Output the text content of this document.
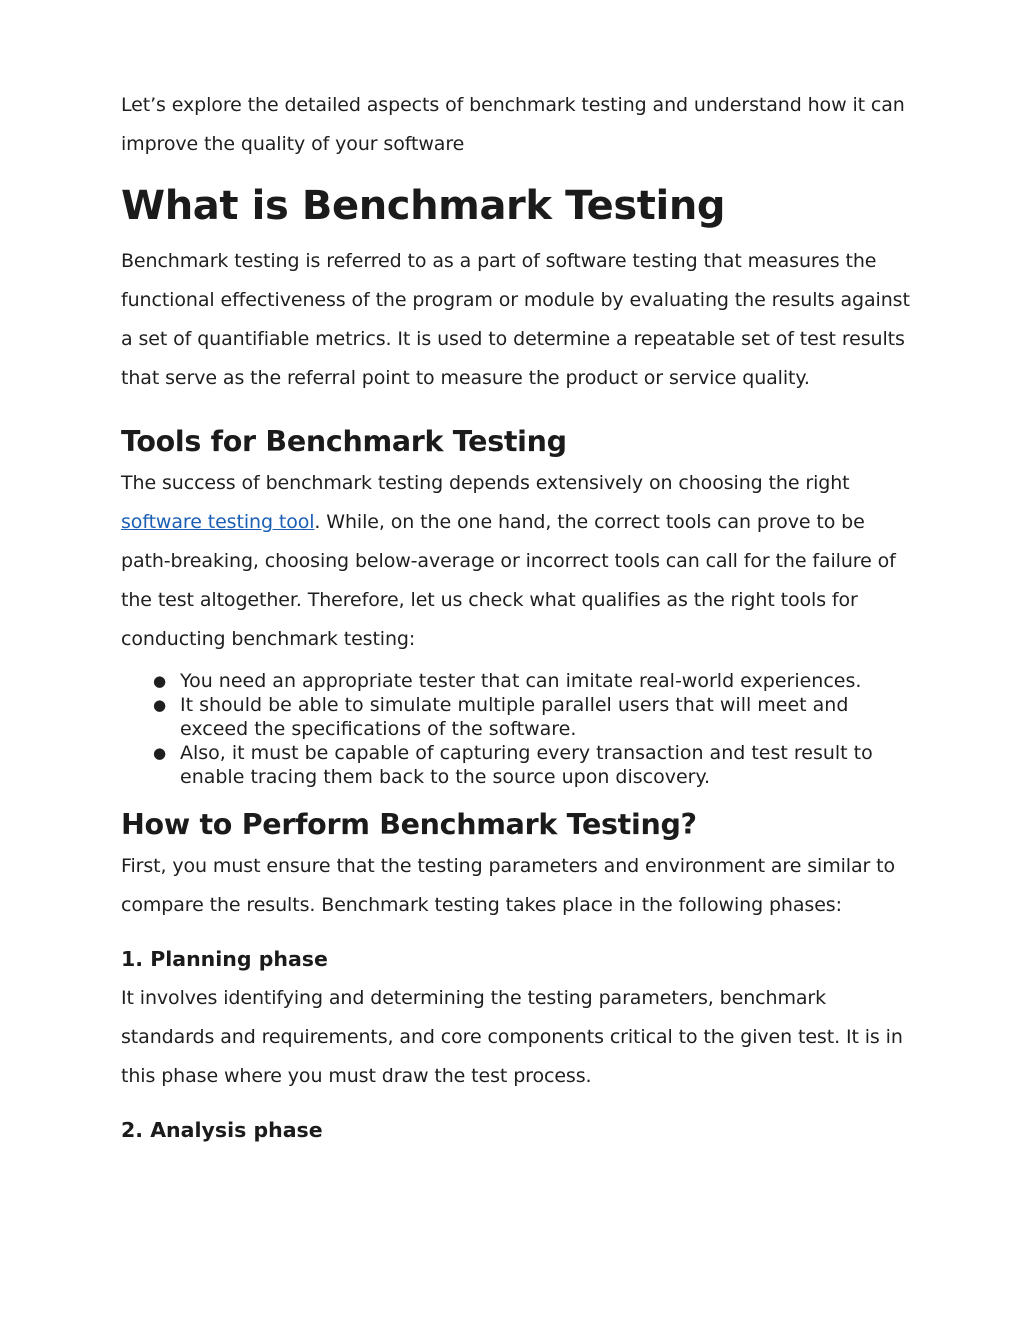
Let’s explore the detailed aspects of benchmark testing and understand how it can improve the quality of your software

What is Benchmark Testing

Benchmark testing is referred to as a part of software testing that measures the functional effectiveness of the program or module by evaluating the results against a set of quantifiable metrics. It is used to determine a repeatable set of test results that serve as the referral point to measure the product or service quality.

Tools for Benchmark Testing

The success of benchmark testing depends extensively on choosing the right software testing tool. While, on the one hand, the correct tools can prove to be path-breaking, choosing below-average or incorrect tools can call for the failure of the test altogether. Therefore, let us check what qualifies as the right tools for conducting benchmark testing:

● You need an appropriate tester that can imitate real-world experiences.
● It should be able to simulate multiple parallel users that will meet and exceed the specifications of the software.
● Also, it must be capable of capturing every transaction and test result to enable tracing them back to the source upon discovery.
How to Perform Benchmark Testing?

First, you must ensure that the testing parameters and environment are similar to compare the results. Benchmark testing takes place in the following phases:

1. Planning phase

It involves identifying and determining the testing parameters, benchmark standards and requirements, and core components critical to the given test. It is in this phase where you must draw the test process.

2. Analysis phase
